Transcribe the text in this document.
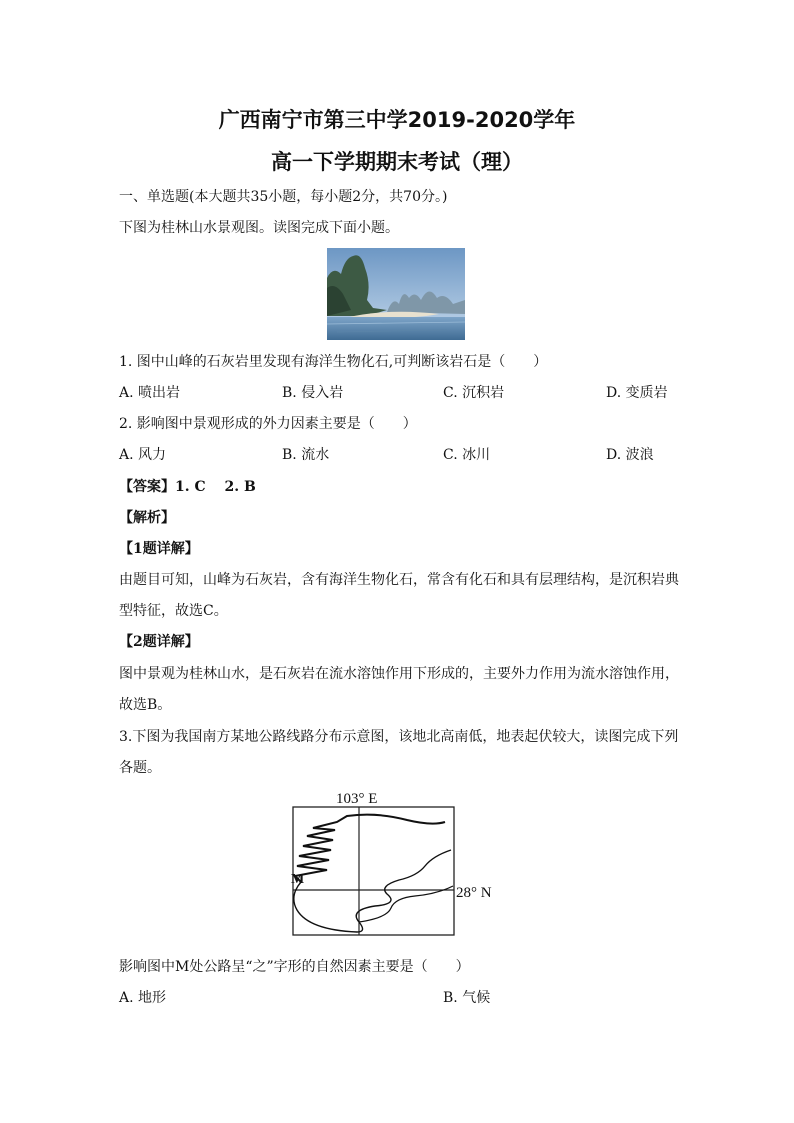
广西南宁市第三中学2019-2020学年
高一下学期期末考试（理）
一、单选题(本大题共35小题，每小题2分，共70分。)
下图为桂林山水景观图。读图完成下面小题。
1. 图中山峰的石灰岩里发现有海洋生物化石,可判断该岩石是（　　）
A. 喷出岩	B. 侵入岩	C. 沉积岩	D. 变质岩
2. 影响图中景观形成的外力因素主要是（　　）
A. 风力	B. 流水	C. 冰川	D. 波浪
【答案】1. C　 2. B
【解析】
【1题详解】
由题目可知，山峰为石灰岩，含有海洋生物化石，常含有化石和具有层理结构，是沉积岩典
型特征，故选C。
【2题详解】
图中景观为桂林山水，是石灰岩在流水溶蚀作用下形成的，主要外力作用为流水溶蚀作用，
故选B。
3.下图为我国南方某地公路线路分布示意图，该地北高南低，地表起伏较大，读图完成下列
各题。
103° E
28° N
M
影响图中M处公路呈“之”字形的自然因素主要是（　　）
A. 地形	B. 气候
